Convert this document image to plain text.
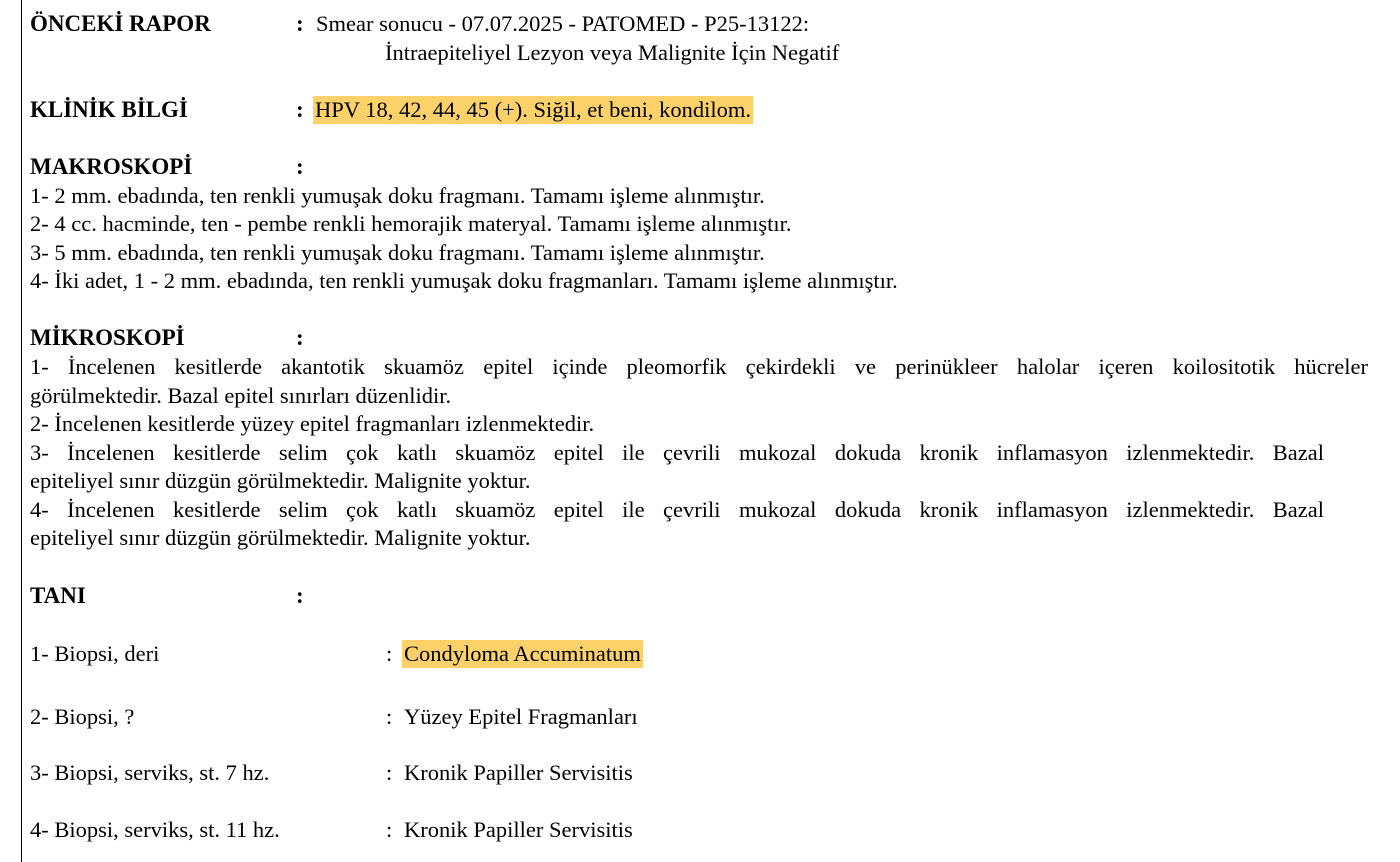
ÖNCEKİ RAPOR	: Smear sonucu - 07.07.2025 - PATOMED - P25-13122:
İntraepiteliyel Lezyon veya Malignite İçin Negatif
KLİNİK BİLGİ	: HPV 18, 42, 44, 45 (+). Siğil, et beni, kondilom.
MAKROSKOPİ	:
1- 2 mm. ebadında, ten renkli yumuşak doku fragmanı. Tamamı işleme alınmıştır.
2- 4 cc. hacminde, ten - pembe renkli hemorajik materyal. Tamamı işleme alınmıştır.
3- 5 mm. ebadında, ten renkli yumuşak doku fragmanı. Tamamı işleme alınmıştır.
4- İki adet, 1 - 2 mm. ebadında, ten renkli yumuşak doku fragmanları. Tamamı işleme alınmıştır.
MİKROSKOPİ	:
1- İncelenen kesitlerde akantotik skuamöz epitel içinde pleomorfik çekirdekli ve perinükleer halolar içeren koilositotik hücreler
görülmektedir. Bazal epitel sınırları düzenlidir.
2- İncelenen kesitlerde yüzey epitel fragmanları izlenmektedir.
3- İncelenen kesitlerde selim çok katlı skuamöz epitel ile çevrili mukozal dokuda kronik inflamasyon izlenmektedir. Bazal
epiteliyel sınır düzgün görülmektedir. Malignite yoktur.
4- İncelenen kesitlerde selim çok katlı skuamöz epitel ile çevrili mukozal dokuda kronik inflamasyon izlenmektedir. Bazal
epiteliyel sınır düzgün görülmektedir. Malignite yoktur.
TANI	:
1- Biopsi, deri	: Condyloma Accuminatum
2- Biopsi, ?	: Yüzey Epitel Fragmanları
3- Biopsi, serviks, st. 7 hz.	: Kronik Papiller Servisitis
4- Biopsi, serviks, st. 11 hz.	: Kronik Papiller Servisitis
